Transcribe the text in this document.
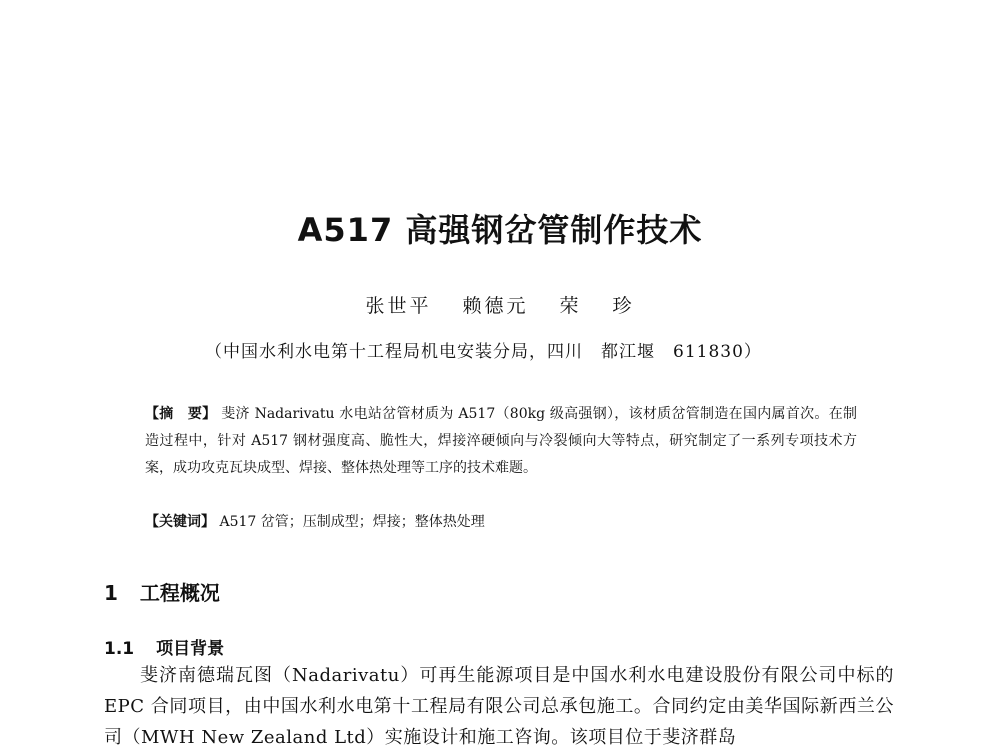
A517 高强钢岔管制作技术
张世平 赖德元 荣 珍
（中国水利水电第十工程局机电安装分局，四川　都江堰　611830）
【摘　要】 斐济 Nadarivatu 水电站岔管材质为 A517（80kg 级高强钢），该材质岔管制造在国内属首次。在制造过程中，针对 A517 钢材强度高、脆性大，焊接淬硬倾向与冷裂倾向大等特点，研究制定了一系列专项技术方案，成功攻克瓦块成型、焊接、整体热处理等工序的技术难题。
【关键词】 A517 岔管；压制成型；焊接；整体热处理
1 工程概况
1.1 项目背景
斐济南德瑞瓦图（Nadarivatu）可再生能源项目是中国水利水电建设股份有限公司中标的 EPC 合同项目，由中国水利水电第十工程局有限公司总承包施工。合同约定由美华国际新西兰公司（MWH New Zealand Ltd）实施设计和施工咨询。该项目位于斐济群岛
